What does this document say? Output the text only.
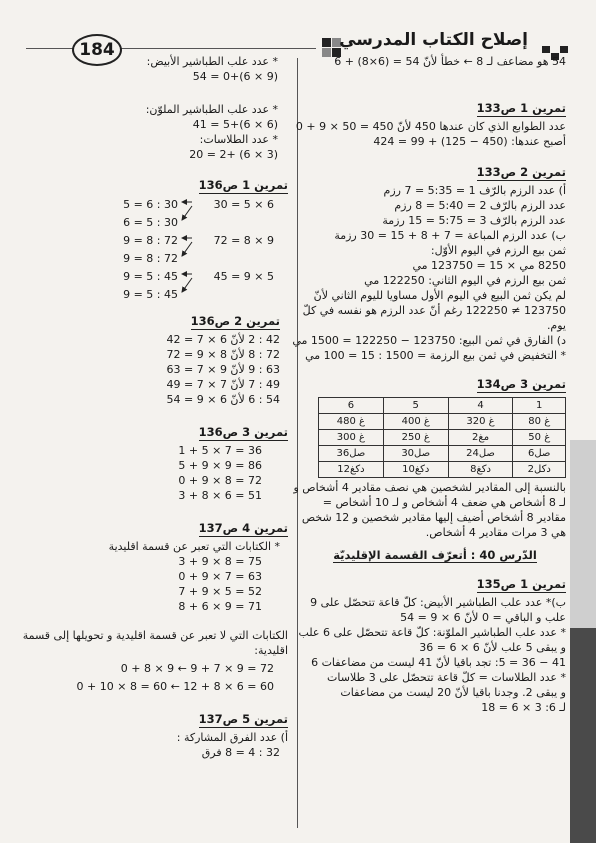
184	إصلاح الكتاب المدرسي
54 هو مضاعف لـ 8 ← خطأ لأنّ 54 = (6×8) + 6
تمرين 1 ص133
عدد الطوابع الذي كان عندها 450 لأنّ 450 = 50 × 9 + 0
أصبح عندها: (450 − 125) + 99 = 424
تمرين 2 ص133
أ) عدد الرزم بالرّف 1 = 5:35 = 7 رزم
عدد الرزم بالرّف 2 = 5:40 = 8 رزم
عدد الرزم بالرّف 3 = 5:75 = 15 رزمة
ب) عدد الرزم المباعة = 7 + 8 + 15 = 30 رزمة
ثمن بيع الرزم في اليوم الأوّل:
8250 مي × 15 = 123750 مي
ثمن بيع الرزم في اليوم الثاني: 122250 مي
لم يكن ثمن البيع في اليوم الأول مساويا لليوم الثاني لأنّ
123750 ≠ 122250 رغم أنّ عدد الرزم هو نفسه في كلّ
يوم.
د) الفارق في ثمن البيع: 123750 − 122250 = 1500 مي
* التخفيض في ثمن بيع الرزمة = 1500 : 15 = 100 مي
تمرين 3 ص134
6	5	4	1
480 غ	400 غ	320 غ	80 غ
300 غ	250 غ	2مغ	50 غ
36صل	30صل	24صل	6صل
12دكغ	10دكغ	8دكغ	2دكل
بالنسبة إلى المقادير لشخصين هي نصف مقادير 4 أشخاص و
لـ 8 أشخاص هي ضعف 4 أشخاص و لـ 10 أشخاص =
مقادير 8 أشخاص أضيف إليها مقادير شخصين و 12 شخص
هي 3 مرات مقادير 4 أشخاص.
الدّرس 40 : أتعرّف القسمة الإقليديّة
تمرين 1 ص135
ب)* عدد علب الطباشير الأبيض: كلّ قاعة تتحصّل على 9
علب و الباقي = 0 لأنّ 6 × 9 = 54
* عدد علب الطباشير الملوّنة: كلّ قاعة تتحصّل على 6 علب
و يبقى 5 علب لأنّ 6 × 6 = 36
41 − 36 = 5: تجد باقيا لأنّ 41 ليست من مضاعفات 6
* عدد الطلاسات = كلّ قاعة تتحصّل على 3 طلاسات
و يبقى 2. وجدنا باقيا لأنّ 20 ليست من مضاعفات
لـ 6: 3 × 6 = 18
* عدد علب الطباشير الأبيض:
54 = 0+(6 × 9)
* عدد علب الطباشير الملوّن:
41 = 5+(6 × 6)
* عدد الطلاسات:
20 = 2+ (6 × 3)
تمرين 1 ص136
5 = 6 : 30
6 = 5 : 30
9 = 8 : 72
9 = 8 : 72
9 = 5 : 45
9 = 5 : 45
30 = 5 × 6
72 = 8 × 9
45 = 9 × 5
تمرين 2 ص136
42 : 2 لأنّ 6 × 7 = 42
72 : 8 لأنّ 8 × 9 = 72
63 : 9 لأنّ 9 × 7 = 63
49 : 7 لأنّ 7 × 7 = 49
54 : 6 لأنّ 6 × 9 = 54
تمرين 3 ص136
1 + 5 × 7 = 36
5 + 9 × 9 = 86
0 + 9 × 8 = 72
3 + 8 × 6 = 51
تمرين 4 ص137
* الكتابات التي تعبر عن قسمة اقليدية
3 + 9 × 8 = 75
0 + 9 × 7 = 63
7 + 9 × 5 = 52
8 + 6 × 9 = 71
الكتابات التي لا تعبر عن قسمة اقليدية و تحويلها إلى قسمة
اقليدية:
0 + 8 × 9 ← 9 + 7 × 9 = 72
0 + 10 × 8 = 60 ← 12 + 8 × 6 = 60
تمرين 5 ص137
أ) عدد الفرق المشاركة :
32 : 4 = 8 فرق
